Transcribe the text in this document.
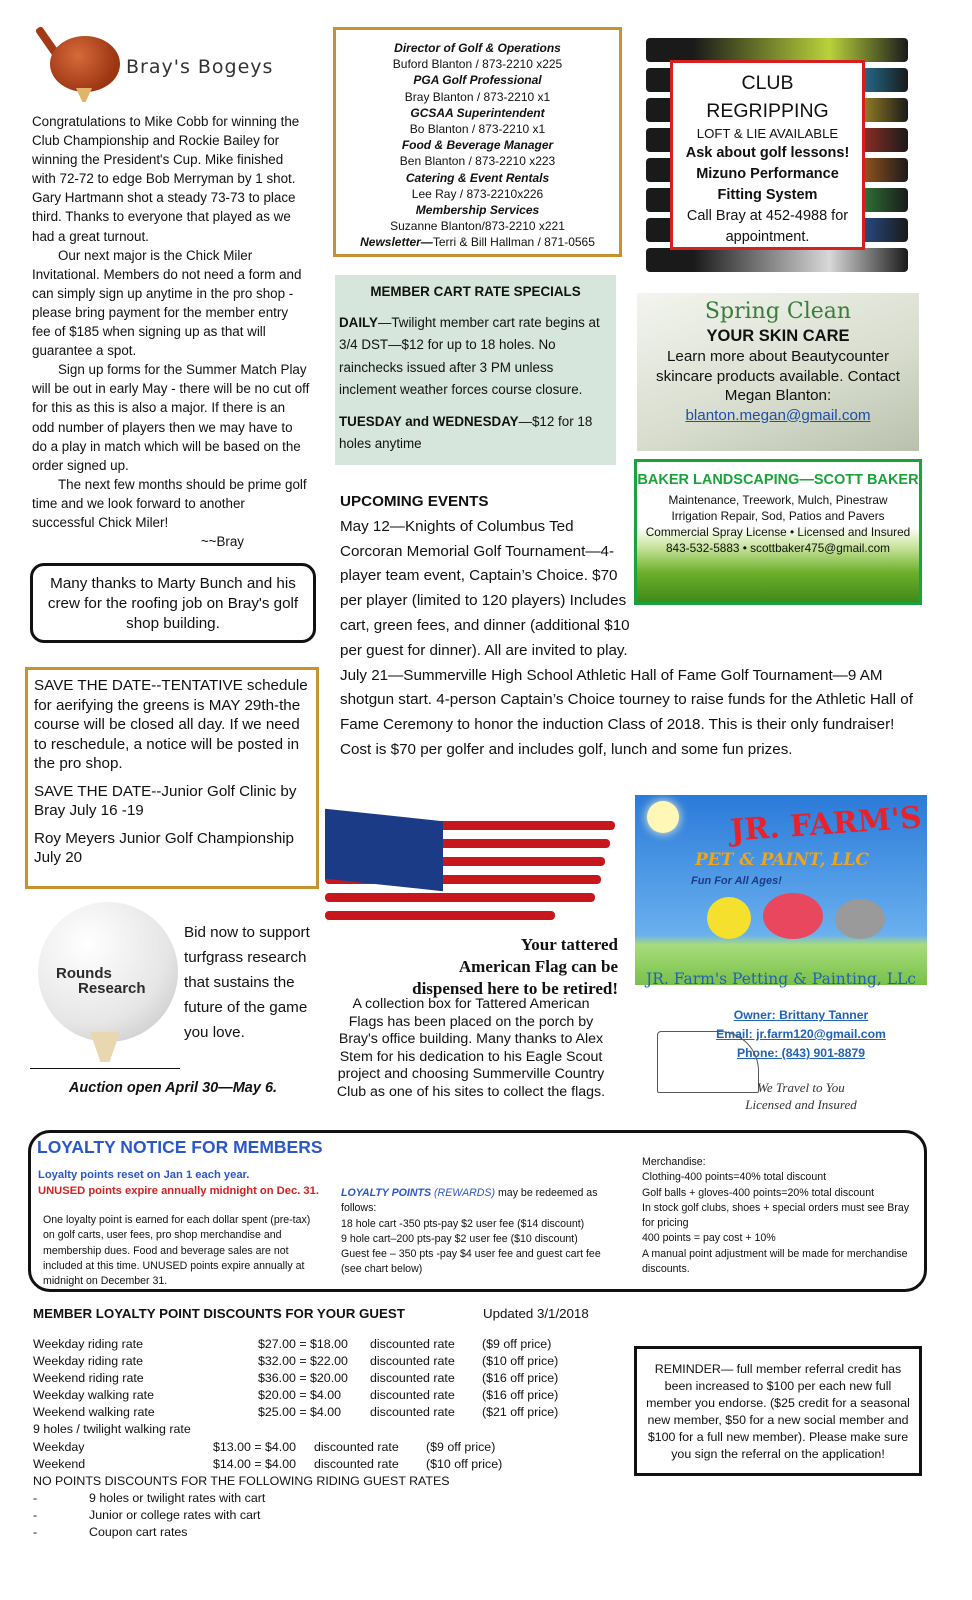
Bray's Bogeys

Congratulations to Mike Cobb for winning the Club Championship and Rockie Bailey for winning the President's Cup. Mike finished with 72-72 to edge Bob Merryman by 1 shot. Gary Hartmann shot a steady 73-73 to place third. Thanks to everyone that played as we had a great turnout.

Our next major is the Chick Miler Invitational. Members do not need a form and can simply sign up anytime in the pro shop - please bring payment for the member entry fee of $185 when signing up as that will guarantee a spot.

Sign up forms for the Summer Match Play will be out in early May - there will be no cut off for this as this is also a major. If there is an odd number of players then we may have to do a play in match which will be based on the order signed up.

The next few months should be prime golf time and we look forward to another successful Chick Miler!

~~Bray

Many thanks to Marty Bunch and his crew for the roofing job on Bray's golf shop building.

SAVE THE DATE--TENTATIVE schedule for aerifying the greens is MAY 29th-the course will be closed all day. If we need to reschedule, a notice will be posted in the pro shop.

SAVE THE DATE--Junior Golf Clinic by Bray July 16 -19

Roy Meyers Junior Golf Championship July 20

Rounds
Research
Bid now to support turfgrass research that sustains the future of the game you love.
Auction open April 30—May 6.
Director of Golf & Operations
Buford Blanton / 873-2210 x225
PGA Golf Professional
Bray Blanton / 873-2210 x1
GCSAA Superintendent
Bo Blanton / 873-2210 x1
Food & Beverage Manager
Ben Blanton / 873-2210 x223
Catering & Event Rentals
Lee Ray / 873-2210x226
Membership Services
Suzanne Blanton/873-2210 x221
Newsletter—Terri & Bill Hallman / 871-0565
MEMBER CART RATE SPECIALS

DAILY—Twilight member cart rate begins at 3/4 DST—$12 for up to 18 holes. No rainchecks issued after 3 PM unless inclement weather forces course closure.

TUESDAY and WEDNESDAY—$12 for 18 holes anytime

UPCOMING EVENTS

May 12—Knights of Columbus Ted Corcoran Memorial Golf Tournament—4-player team event, Captain’s Choice. $70 per player (limited to 120 players) Includes cart, green fees, and dinner (additional $10 per guest for dinner). All are invited to play.

July 21—Summerville High School Athletic Hall of Fame Golf Tournament—9 AM shotgun start. 4-person Captain’s Choice tourney to raise funds for the Athletic Hall of Fame Ceremony to honor the induction Class of 2018. This is their only fundraiser! Cost is $70 per golfer and includes golf, lunch and some fun prizes.

CLUB
REGRIPPING
LOFT & LIE AVAILABLE
Ask about golf lessons!
Mizuno Performance Fitting System
Call Bray at 452-4988 for appointment.
Spring Clean
YOUR SKIN CARE
Learn more about Beautycounter skincare products available. Contact Megan Blanton:
blanton.megan@gmail.com
BAKER LANDSCAPING—SCOTT BAKER
Maintenance, Treework, Mulch, Pinestraw
Irrigation Repair, Sod, Patios and Pavers
Commercial Spray License • Licensed and Insured
843-532-5883 • scottbaker475@gmail.com
Your tattered
American Flag can be
dispensed here to be retired!
A collection box for Tattered American Flags has been placed on the porch by Bray's office building. Many thanks to Alex Stem for his dedication to his Eagle Scout project and choosing Summerville Country Club as one of his sites to collect the flags.
JR. FARM'S
PET & PAINT, LLC
Fun For All Ages!
JR. Farm's Petting & Painting, LLc
Owner: Brittany Tanner
Email: jr.farm120@gmail.com
Phone: (843) 901-8879
We Travel to You
Licensed and Insured
LOYALTY NOTICE FOR MEMBERS
Loyalty points reset on Jan 1 each year.
UNUSED points expire annually midnight on Dec. 31.
One loyalty point is earned for each dollar spent (pre-tax) on golf carts, user fees, pro shop merchandise and membership dues. Food and beverage sales are not included at this time. UNUSED points expire annually at midnight on December 31.
LOYALTY POINTS (REWARDS) may be redeemed as follows:
18 hole cart -350 pts-pay $2 user fee ($14 discount)
9 hole cart–200 pts-pay $2 user fee ($10 discount)
Guest fee – 350 pts -pay $4 user fee and guest cart fee (see chart below)
Merchandise:
Clothing-400 points=40% total discount
Golf balls + gloves-400 points=20% total discount
In stock golf clubs, shoes + special orders must see Bray for pricing
400 points = pay cost + 10%
A manual point adjustment will be made for merchandise discounts.
MEMBER LOYALTY POINT DISCOUNTS FOR YOUR GUEST	Updated 3/1/2018
Weekday riding rate	$27.00 = $18.00 discounted rate ($9 off price)
Weekday riding rate	$32.00 = $22.00 discounted rate ($10 off price)
Weekend riding rate	$36.00 = $20.00 discounted rate ($16 off price)
Weekday walking rate	$20.00 = $4.00 discounted rate ($16 off price)
Weekend walking rate	$25.00 = $4.00 discounted rate ($21 off price)
9 holes / twilight walking rate
Weekday	$13.00 = $4.00 discounted rate ($9 off price)
Weekend	$14.00 = $4.00 discounted rate ($10 off price)
NO POINTS DISCOUNTS FOR THE FOLLOWING RIDING GUEST RATES
-	9 holes or twilight rates with cart
-	Junior or college rates with cart
-	Coupon cart rates
REMINDER— full member referral credit has been increased to $100 per each new full member you endorse. ($25 credit for a seasonal new member, $50 for a new social member and $100 for a full new member). Please make sure you sign the referral on the application!
